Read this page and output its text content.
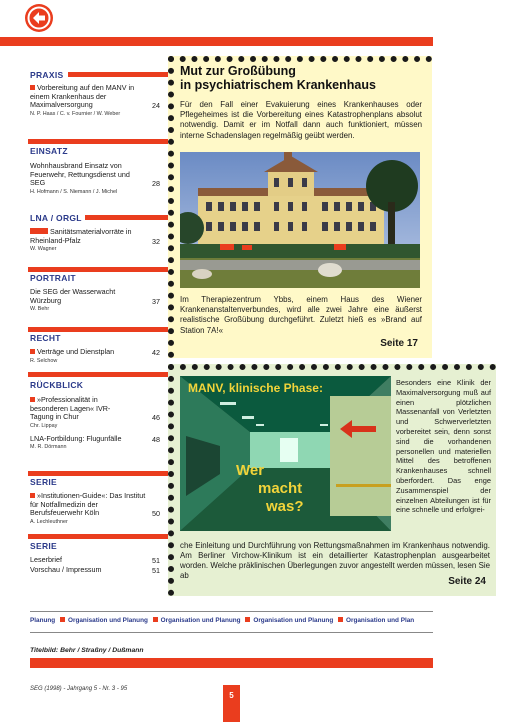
PRAXIS
Vorbereitung auf den MANV in einem Krankenhaus der Maximalversorgung	24
N. P. Haas / C. v. Fournier / W. Weber
EINSATZ
Wohnhausbrand Einsatz von Feuerwehr, Rettungsdienst und SEG	28
H. Hofmann / S. Niemann / J. Michel
LNA / ORGL
Sanitätsmaterialvorräte in Rheinland-Pfalz	32
W. Wagner
PORTRAIT
Die SEG der Wasserwacht Würzburg	37
W. Behr
RECHT
Verträge und Dienstplan	42
R. Selchow
RÜCKBLICK
»Professionalität in besonderen Lagen« IVR-Tagung in Chur	46
Chr. Lippay
LNA-Fortbildung: Flugunfälle	48
M. R. Dörmann
SERIE
»Institutionen-Guide«: Das Institut für Notfallmedizin der Berufsfeuerwehr Köln	50
A. Lechleuthner
SERIE
Leserbrief	51
Vorschau / Impressum	51
Mut zur Großübung
in psychiatrischem Krankenhaus

Für den Fall einer Evakuierung eines Krankenhauses oder Pflegeheimes ist die Vorbereitung eines Katastrophenplans absolut notwendig. Damit er im Notfall dann auch funktioniert, müssen interne Schadenslagen regelmäßig geübt werden.

Im Therapiezentrum Ybbs, einem Haus des Wiener Krankenanstaltenverbundes, wird alle zwei Jahre eine äußerst realistische Großübung durchgeführt. Zuletzt hieß es »Brand auf Station 7A!«

Seite 17
MANV, klinische Phase:
Wer
macht
was?

Besonders eine Klinik der Maximalversorgung muß auf einen plötzlichen Massenanfall von Verletzten und Schwerverletzten vorbereitet sein, denn sonst sind die vorhandenen personellen und materiellen Mittel des betroffenen Krankenhauses schnell überfordert. Das enge Zusammenspiel der einzelnen Abteilungen ist für eine schnelle und erfolgrei-

che Einleitung und Durchführung von Rettungsmaßnahmen im Krankenhaus notwendig. Am Berliner Virchow-Klinikum ist ein detaillierter Katastrophenplan ausgearbeitet worden. Welche präklinischen Überlegungen zuvor angestellt werden müssen, lesen Sie ab

Seite 24
Planung Organisation und Planung Organisation und Planung Organisation und Planung Organisation und Plan
Titelbild: Behr / Straßny / Dußmann
SEG (1998) - Jahrgang 5 - Nr. 3 - 95
5
